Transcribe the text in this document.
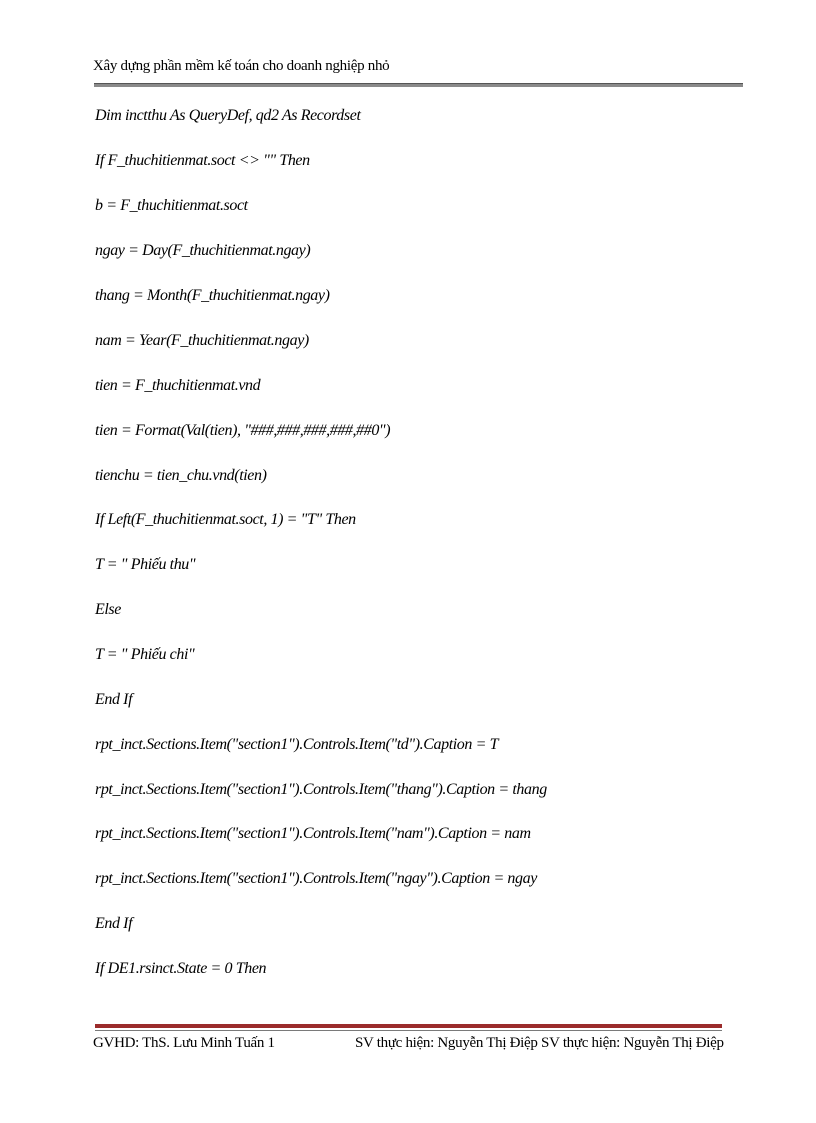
Xây dựng phần mềm kế toán cho doanh nghiệp nhỏ
Dim inctthu As QueryDef, qd2 As Recordset
If F_thuchitienmat.soct <> "" Then
b = F_thuchitienmat.soct
ngay = Day(F_thuchitienmat.ngay)
thang = Month(F_thuchitienmat.ngay)
nam = Year(F_thuchitienmat.ngay)
tien = F_thuchitienmat.vnd
tien = Format(Val(tien), "###,###,###,###,##0")
tienchu = tien_chu.vnd(tien)
If Left(F_thuchitienmat.soct, 1) = "T" Then
T = " Phiếu thu"
Else
T = " Phiếu chi"
End If
rpt_inct.Sections.Item("section1").Controls.Item("td").Caption = T
rpt_inct.Sections.Item("section1").Controls.Item("thang").Caption = thang
rpt_inct.Sections.Item("section1").Controls.Item("nam").Caption = nam
rpt_inct.Sections.Item("section1").Controls.Item("ngay").Caption = ngay
End If
If DE1.rsinct.State = 0 Then
GVHD: ThS. Lưu Minh Tuấn 1	SV thực hiện: Nguyễn Thị Điệp SV thực hiện: Nguyễn Thị Điệp
